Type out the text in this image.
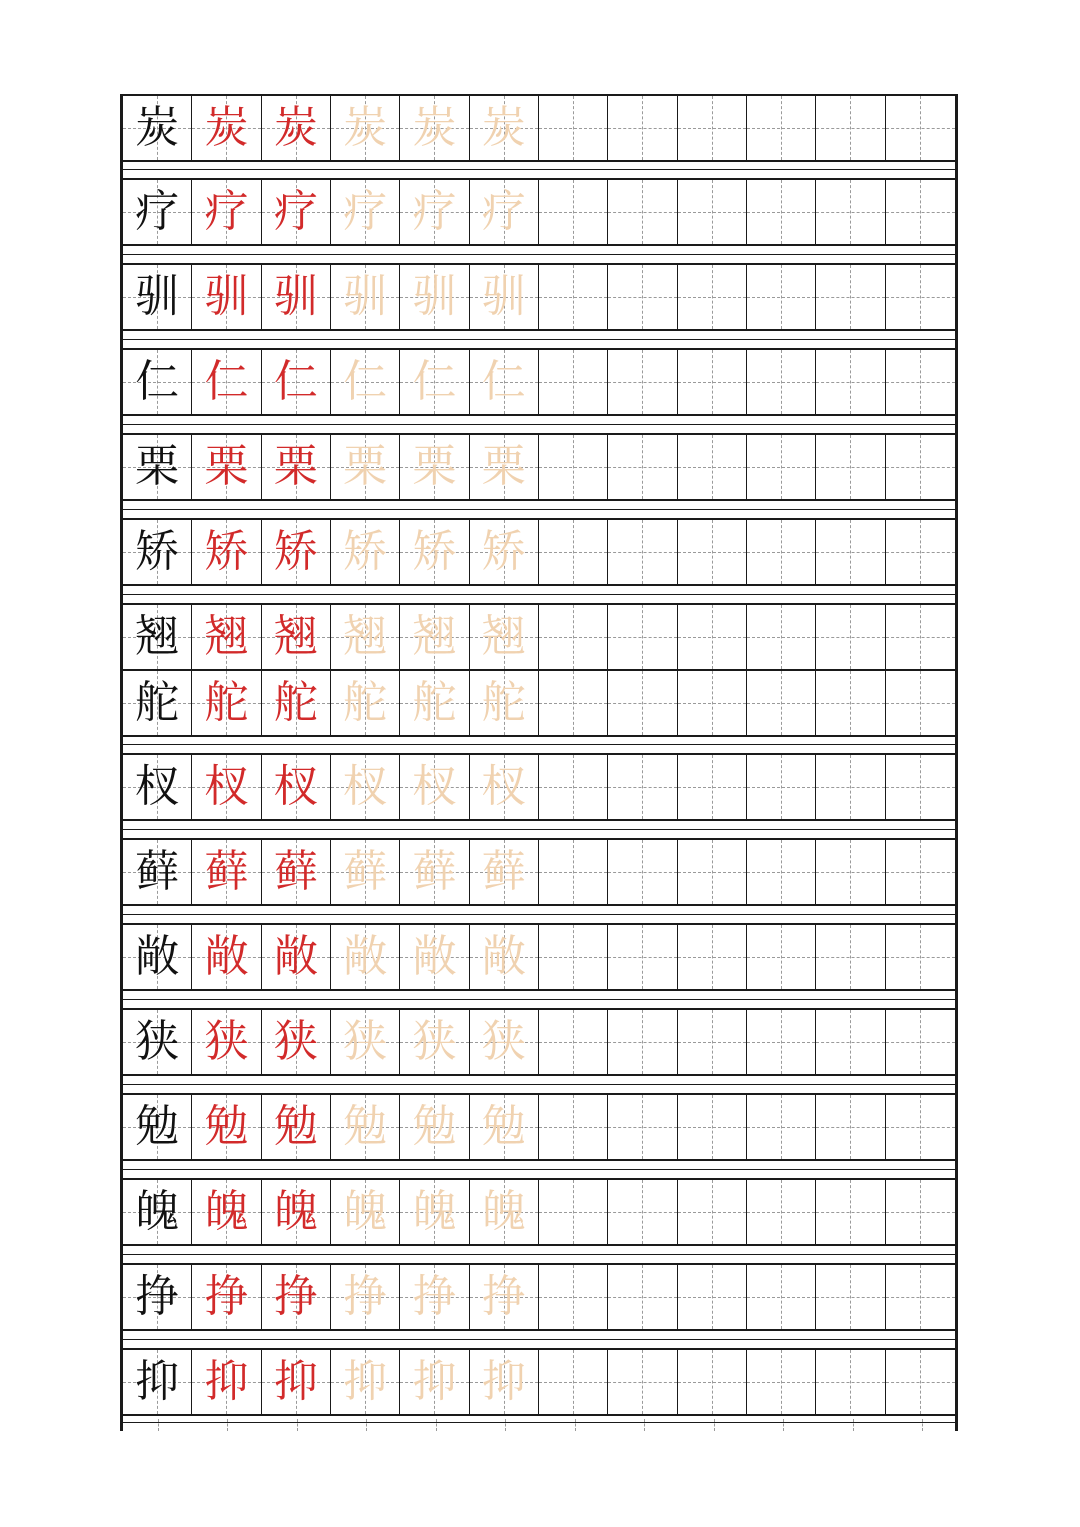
炭 炭 炭 炭 炭 炭
疗 疗 疗 疗 疗 疗
驯 驯 驯 驯 驯 驯
仁 仁 仁 仁 仁 仁
栗 栗 栗 栗 栗 栗
矫 矫 矫 矫 矫 矫
翘 翘 翘 翘 翘 翘
舵 舵 舵 舵 舵 舵
杈 杈 杈 杈 杈 杈
藓 藓 藓 藓 藓 藓
敞 敞 敞 敞 敞 敞
狭 狭 狭 狭 狭 狭
勉 勉 勉 勉 勉 勉
魄 魄 魄 魄 魄 魄
挣 挣 挣 挣 挣 挣
抑 抑 抑 抑 抑 抑
